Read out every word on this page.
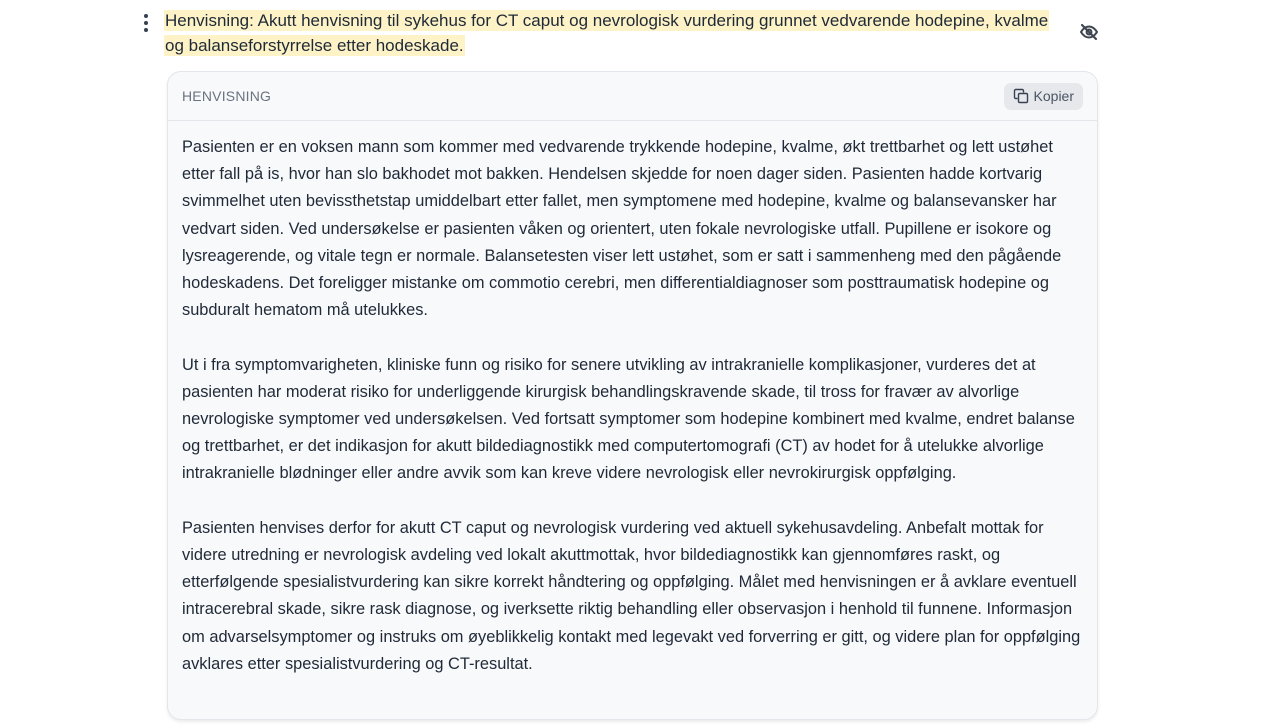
Henvisning: Akutt henvisning til sykehus for CT caput og nevrologisk vurdering grunnet vedvarende hodepine, kvalme og balanseforstyrrelse etter hodeskade.
HENVISNING	Kopier

Pasienten er en voksen mann som kommer med vedvarende trykkende hodepine, kvalme, økt trettbarhet og lett ustøhet etter fall på is, hvor han slo bakhodet mot bakken. Hendelsen skjedde for noen dager siden. Pasienten hadde kortvarig svimmelhet uten bevissthetstap umiddelbart etter fallet, men symptomene med hodepine, kvalme og balansevansker har vedvart siden. Ved undersøkelse er pasienten våken og orientert, uten fokale nevrologiske utfall. Pupillene er isokore og lysreagerende, og vitale tegn er normale. Balansetesten viser lett ustøhet, som er satt i sammenheng med den pågående hodeskadens. Det foreligger mistanke om commotio cerebri, men differentialdiagnoser som posttraumatisk hodepine og subduralt hematom må utelukkes.

Ut i fra symptomvarigheten, kliniske funn og risiko for senere utvikling av intrakranielle komplikasjoner, vurderes det at pasienten har moderat risiko for underliggende kirurgisk behandlingskravende skade, til tross for fravær av alvorlige nevrologiske symptomer ved undersøkelsen. Ved fortsatt symptomer som hodepine kombinert med kvalme, endret balanse og trettbarhet, er det indikasjon for akutt bildediagnostikk med computertomografi (CT) av hodet for å utelukke alvorlige intrakranielle blødninger eller andre avvik som kan kreve videre nevrologisk eller nevrokirurgisk oppfølging.

Pasienten henvises derfor for akutt CT caput og nevrologisk vurdering ved aktuell sykehusavdeling. Anbefalt mottak for videre utredning er nevrologisk avdeling ved lokalt akuttmottak, hvor bildediagnostikk kan gjennomføres raskt, og etterfølgende spesialistvurdering kan sikre korrekt håndtering og oppfølging. Målet med henvisningen er å avklare eventuell intracerebral skade, sikre rask diagnose, og iverksette riktig behandling eller observasjon i henhold til funnene. Informasjon om advarselsymptomer og instruks om øyeblikkelig kontakt med legevakt ved forverring er gitt, og videre plan for oppfølging avklares etter spesialistvurdering og CT-resultat.
